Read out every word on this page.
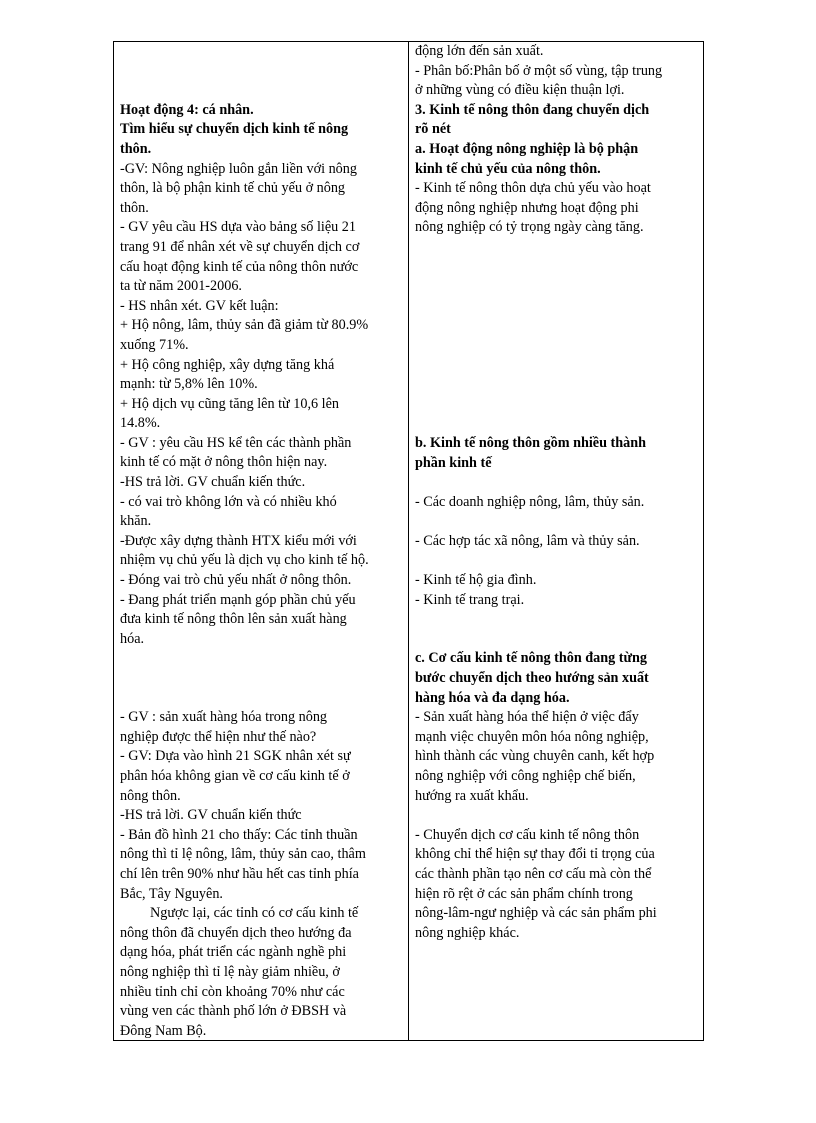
Hoạt động 4: cá nhân.
Tìm hiểu sự chuyển dịch kinh tế nông
thôn.
-GV: Nông nghiệp luôn gắn liền với nông
thôn, là bộ phận kinh tế chủ yếu ở nông
thôn.
- GV yêu cầu HS dựa vào bảng số liệu 21
trang 91 để nhân xét về sự chuyển dịch cơ
cấu hoạt động kinh tế của nông thôn nước
ta từ năm 2001-2006.
- HS nhân xét. GV kết luận:
+ Hộ nông, lâm, thủy sản đã giảm từ 80.9%
xuống 71%.
+ Hộ công nghiệp, xây dựng tăng khá
mạnh: từ 5,8% lên 10%.
+ Hộ dịch vụ cũng tăng lên từ 10,6 lên
14.8%.
- GV : yêu cầu HS kể tên các thành phần
kinh tế có mặt ở nông thôn hiện nay.
-HS trả lời. GV chuẩn kiến thức.
- có vai trò không lớn và có nhiều khó
khăn.
-Được xây dựng thành HTX kiểu mới với
nhiệm vụ chủ yếu là dịch vụ cho kinh tế hộ.
- Đóng vai trò chủ yếu nhất ở nông thôn.
- Đang phát triển mạnh góp phần chủ yếu
đưa kinh tế nông thôn lên sản xuất hàng
hóa.
- GV : sản xuất hàng hóa trong nông
nghiệp được thể hiện như thế nào?
- GV: Dựa vào hình 21 SGK nhân xét sự
phân hóa không gian về cơ cấu kinh tế ở
nông thôn.
-HS trả lời. GV chuẩn kiến thức
- Bản đồ hình 21 cho thấy: Các tỉnh thuần
nông thì tỉ lệ nông, lâm, thủy sản cao, thâm
chí lên trên 90% như hầu hết cas tỉnh phía
Bắc, Tây Nguyên.
Ngược lại, các tỉnh có cơ cấu kinh tế
nông thôn đã chuyển dịch theo hướng đa
dạng hóa, phát triển các ngành nghề phi
nông nghiệp thì tỉ lệ này giảm nhiều, ở
nhiều tỉnh chỉ còn khoảng 70% như các
vùng ven các thành phố lớn ở ĐBSH và
Đông Nam Bộ.
động lớn đến sản xuất.
- Phân bố:Phân bố ở một số vùng, tập trung
ở những vùng có điều kiện thuận lợi.
3. Kinh tế nông thôn đang chuyển dịch
rõ nét
a. Hoạt động nông nghiệp là bộ phận
kinh tế chủ yếu của nông thôn.
- Kinh tế nông thôn dựa chủ yếu vào hoạt
động nông nghiệp nhưng hoạt động phi
nông nghiệp có tỷ trọng ngày càng tăng.
b. Kinh tế nông thôn gồm nhiều thành
phần kinh tế
- Các doanh nghiệp nông, lâm, thủy sản.
- Các hợp tác xã nông, lâm và thủy sản.
- Kinh tế hộ gia đình.
- Kinh tế trang trại.
c. Cơ cấu kinh tế nông thôn đang từng
bước chuyển dịch theo hướng sản xuất
hàng hóa và đa dạng hóa.
- Sản xuất hàng hóa thể hiện ở việc đẩy
mạnh việc chuyên môn hóa nông nghiệp,
hình thành các vùng chuyên canh, kết hợp
nông nghiệp với công nghiệp chế biến,
hướng ra xuất khẩu.
- Chuyển dịch cơ cấu kinh tế nông thôn
không chỉ thể hiện sự thay đổi tỉ trọng của
các thành phần tạo nên cơ cấu mà còn thể
hiện rõ rệt ở các sản phẩm chính trong
nông-lâm-ngư nghiệp và các sản phẩm phi
nông nghiệp khác.
